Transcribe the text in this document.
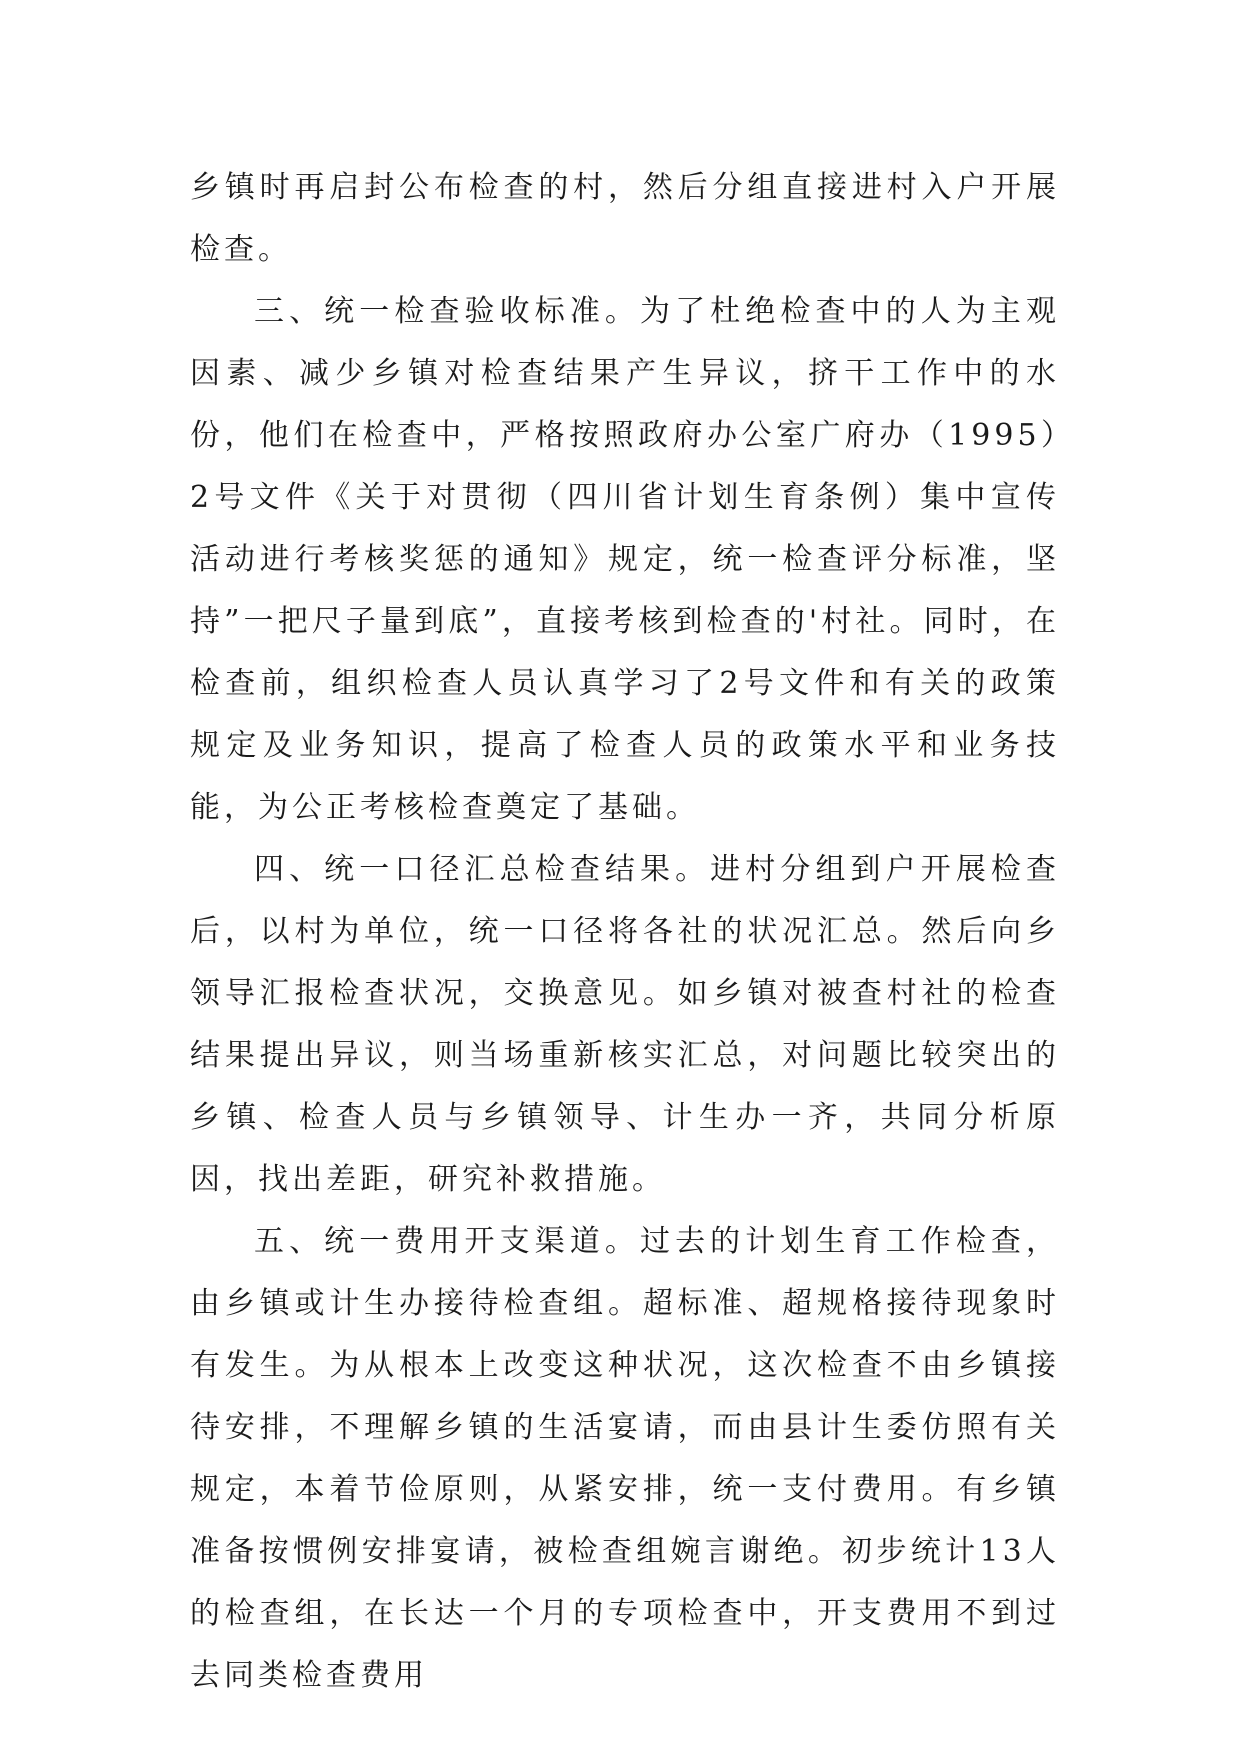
乡镇时再启封公布检查的村，然后分组直接进村入户开展检查。

三、统一检查验收标准。为了杜绝检查中的人为主观因素、减少乡镇对检查结果产生异议，挤干工作中的水份，他们在检查中，严格按照政府办公室广府办（1995）2号文件《关于对贯彻（四川省计划生育条例）集中宣传活动进行考核奖惩的通知》规定，统一检查评分标准，坚持”一把尺子量到底”，直接考核到检查的'村社。同时，在检查前，组织检查人员认真学习了2号文件和有关的政策规定及业务知识，提高了检查人员的政策水平和业务技能，为公正考核检查奠定了基础。

四、统一口径汇总检查结果。进村分组到户开展检查后，以村为单位，统一口径将各社的状况汇总。然后向乡领导汇报检查状况，交换意见。如乡镇对被查村社的检查结果提出异议，则当场重新核实汇总，对问题比较突出的乡镇、检查人员与乡镇领导、计生办一齐，共同分析原因，找出差距，研究补救措施。

五、统一费用开支渠道。过去的计划生育工作检查，由乡镇或计生办接待检查组。超标准、超规格接待现象时有发生。为从根本上改变这种状况，这次检查不由乡镇接待安排，不理解乡镇的生活宴请，而由县计生委仿照有关规定，本着节俭原则，从紧安排，统一支付费用。有乡镇准备按惯例安排宴请，被检查组婉言谢绝。初步统计13人的检查组，在长达一个月的专项检查中，开支费用不到过去同类检查费用
